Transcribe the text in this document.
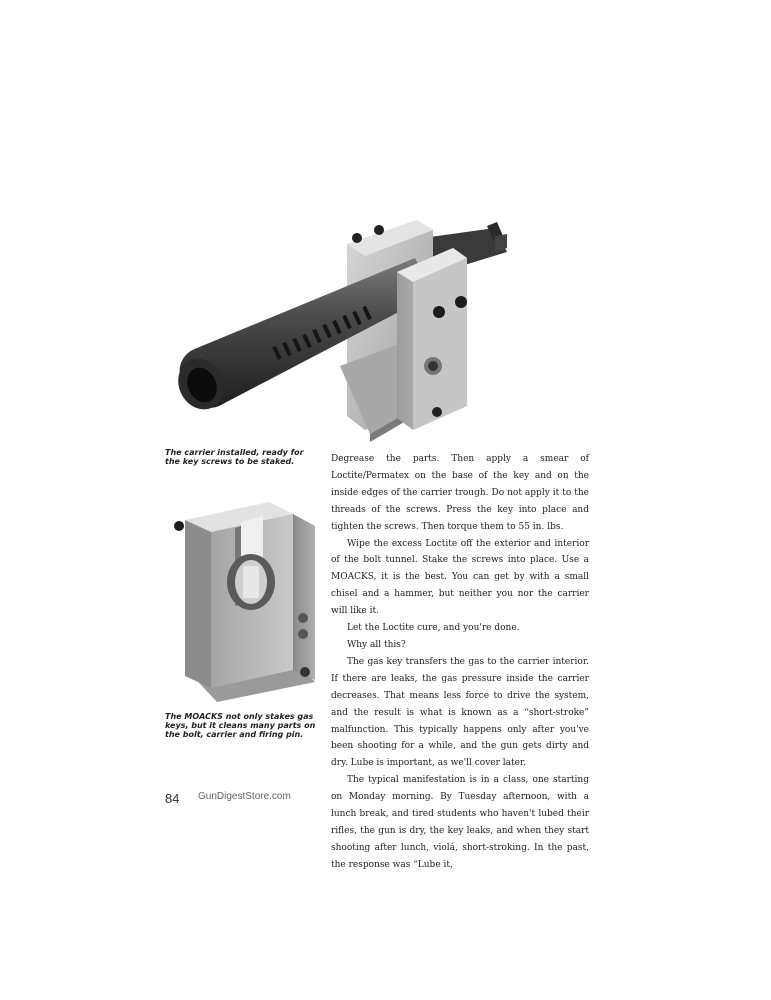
The carrier installed, ready for the key screws to be staked.
The MOACKS not only stakes gas keys, but it cleans many parts on the bolt, carrier and firing pin.

Degrease the parts. Then apply a smear of Loctite/Permatex on the base of the key and on the inside edges of the carrier trough. Do not apply it to the threads of the screws. Press the key into place and tighten the screws. Then torque them to 55 in. lbs.

Wipe the excess Loctite off the exterior and interior of the bolt tunnel. Stake the screws into place. Use a MOACKS, it is the best. You can get by with a small chisel and a hammer, but neither you nor the carrier will like it.

Let the Loctite cure, and you're done.

Why all this?

The gas key transfers the gas to the carrier interior. If there are leaks, the gas pressure inside the carrier decreases. That means less force to drive the system, and the result is what is known as a “short-stroke” malfunction. This typically happens only after you've been shooting for a while, and the gun gets dirty and dry. Lube is important, as we'll cover later.

The typical manifestation is in a class, one starting on Monday morning. By Tuesday afternoon, with a lunch break, and tired students who haven't lubed their rifles, the gun is dry, the key leaks, and when they start shooting after lunch, violá, short-stroking. In the past, the response was “Lube it,

84 GunDigestStore.com
